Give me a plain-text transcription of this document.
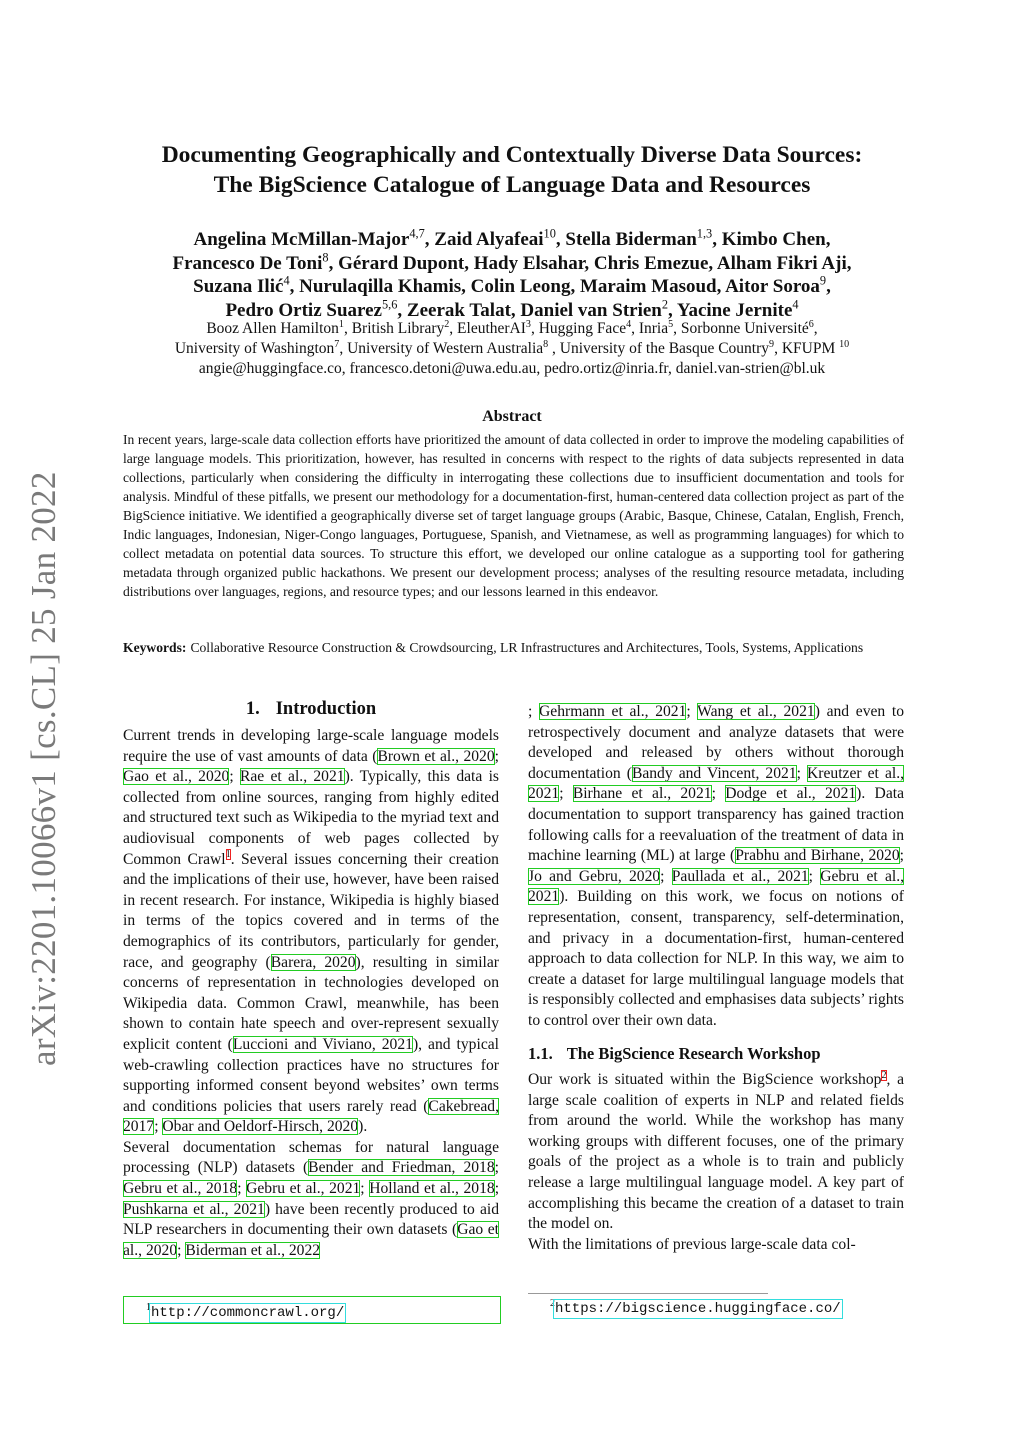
arXiv:2201.10066v1 [cs.CL] 25 Jan 2022
Documenting Geographically and Contextually Diverse Data Sources:
The BigScience Catalogue of Language Data and Resources
Angelina McMillan-Major$^{4,7}$, Zaid Alyafeai$^{10}$, Stella Biderman$^{1,3}$, Kimbo Chen,
Francesco De Toni$^8$, Gérard Dupont, Hady Elsahar, Chris Emezue, Alham Fikri Aji,
Suzana Ilić$^4$, Nurulaqilla Khamis, Colin Leong, Maraim Masoud, Aitor Soroa$^9$,
Pedro Ortiz Suarez$^{5,6}$, Zeerak Talat, Daniel van Strien$^2$, Yacine Jernite$^4$
Booz Allen Hamilton$^1$, British Library$^2$, EleutherAI$^3$, Hugging Face$^4$, Inria$^5$, Sorbonne Université$^6$,
University of Washington$^7$, University of Western Australia$^8$ , University of the Basque Country$^9$, KFUPM $^{10}$
angie@huggingface.co, francesco.detoni@uwa.edu.au, pedro.ortiz@inria.fr, daniel.van-strien@bl.uk
Abstract
In recent years, large-scale data collection efforts have prioritized the amount of data collected in order to improve the modeling capabilities of large language models. This prioritization, however, has resulted in concerns with respect to the rights of data subjects represented in data collections, particularly when considering the difficulty in interrogating these collections due to insufficient documentation and tools for analysis. Mindful of these pitfalls, we present our methodology for a documentation-first, human-centered data collection project as part of the BigScience initiative. We identified a geographically diverse set of target language groups (Arabic, Basque, Chinese, Catalan, English, French, Indic languages, Indonesian, Niger-Congo languages, Portuguese, Spanish, and Vietnamese, as well as programming languages) for which to collect metadata on potential data sources. To structure this effort, we developed our online catalogue as a supporting tool for gathering metadata through organized public hackathons. We present our development process; analyses of the resulting resource metadata, including distributions over languages, regions, and resource types; and our lessons learned in this endeavor.
Keywords: Collaborative Resource Construction & Crowdsourcing, LR Infrastructures and Architectures, Tools, Systems, Applications
1. Introduction

Current trends in developing large-scale language models require the use of vast amounts of data (Brown et al., 2020; Gao et al., 2020; Rae et al., 2021). Typically, this data is collected from online sources, ranging from highly edited and structured text such as Wikipedia to the myriad text and audiovisual components of web pages collected by Common Crawl$^1$. Several issues concerning their creation and the implications of their use, however, have been raised in recent research. For instance, Wikipedia is highly biased in terms of the topics covered and in terms of the demographics of its contributors, particularly for gender, race, and geography (Barera, 2020), resulting in similar concerns of representation in technologies developed on Wikipedia data. Common Crawl, meanwhile, has been shown to contain hate speech and over-represent sexually explicit content (Luccioni and Viviano, 2021), and typical web-crawling collection practices have no structures for supporting informed consent beyond websites’ own terms and conditions policies that users rarely read (Cakebread, 2017; Obar and Oeldorf-Hirsch, 2020).

Several documentation schemas for natural language processing (NLP) datasets (Bender and Friedman, 2018; Gebru et al., 2018; Gebru et al., 2021; Holland et al., 2018; Pushkarna et al., 2021) have been recently produced to aid NLP researchers in documenting their own datasets (Gao et al., 2020; Biderman et al., 2022

; Gehrmann et al., 2021; Wang et al., 2021) and even to retrospectively document and analyze datasets that were developed and released by others without thorough documentation (Bandy and Vincent, 2021; Kreutzer et al., 2021; Birhane et al., 2021; Dodge et al., 2021). Data documentation to support transparency has gained traction following calls for a reevaluation of the treatment of data in machine learning (ML) at large (Prabhu and Birhane, 2020; Jo and Gebru, 2020; Paullada et al., 2021; Gebru et al., 2021). Building on this work, we focus on notions of representation, consent, transparency, self-determination, and privacy in a documentation-first, human-centered approach to data collection for NLP. In this way, we aim to create a dataset for large multilingual language models that is responsibly collected and emphasises data subjects’ rights to control over their own data.

1.1. The BigScience Research Workshop

Our work is situated within the BigScience workshop$^2$, a large scale coalition of experts in NLP and related fields from around the world. While the workshop has many working groups with different focuses, one of the primary goals of the project as a whole is to train and publicly release a large multilingual language model. A key part of accomplishing this became the creation of a dataset to train the model on.

With the limitations of previous large-scale data col-

$^1$http://commoncrawl.org/
$^2$https://bigscience.huggingface.co/
